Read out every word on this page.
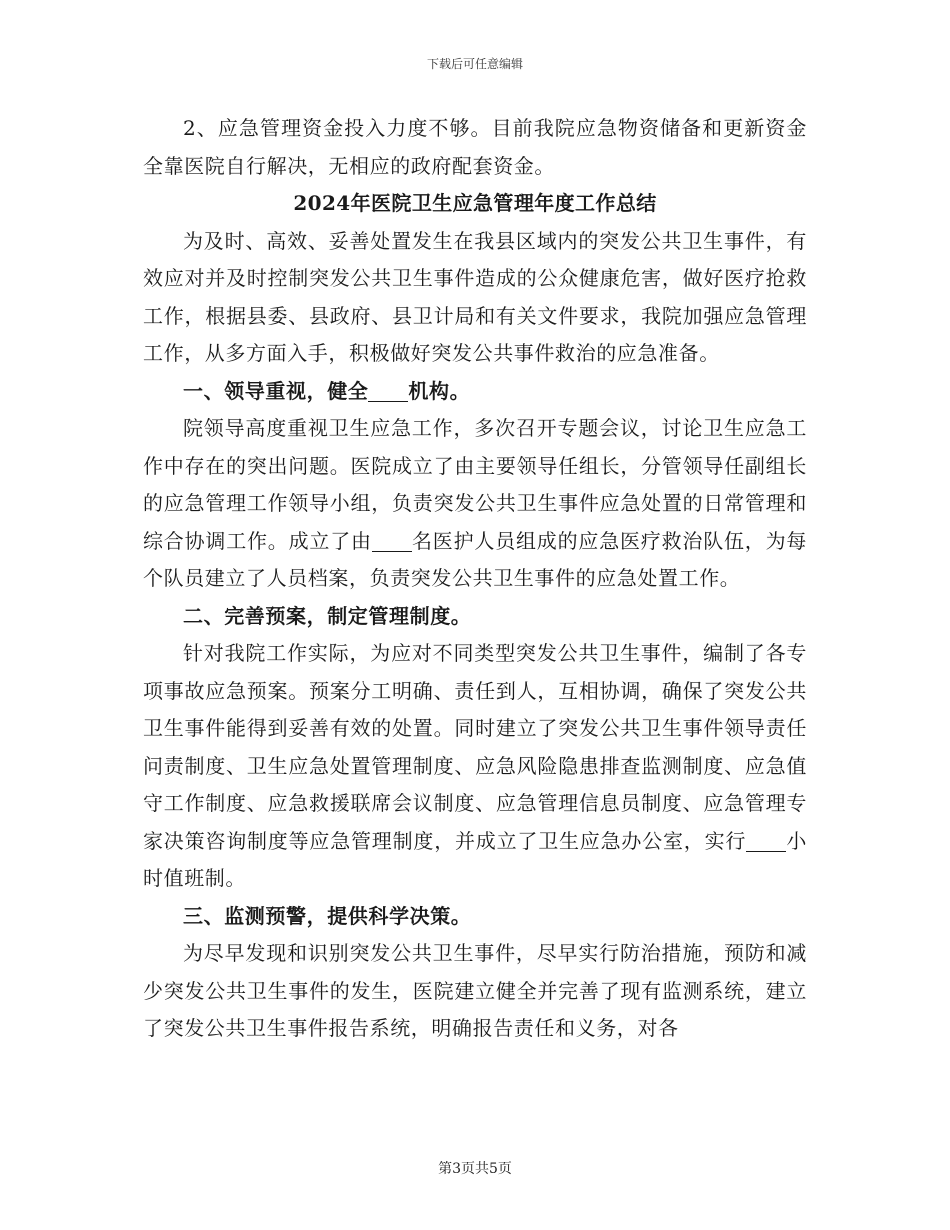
下载后可任意编辑

2、应急管理资金投入力度不够。目前我院应急物资储备和更新资金全靠医院自行解决，无相应的政府配套资金。

2024年医院卫生应急管理年度工作总结

为及时、高效、妥善处置发生在我县区域内的突发公共卫生事件，有效应对并及时控制突发公共卫生事件造成的公众健康危害，做好医疗抢救工作，根据县委、县政府、县卫计局和有关文件要求，我院加强应急管理工作，从多方面入手，积极做好突发公共事件救治的应急准备。

一、领导重视，健全 机构。

院领导高度重视卫生应急工作，多次召开专题会议，讨论卫生应急工作中存在的突出问题。医院成立了由主要领导任组长，分管领导任副组长的应急管理工作领导小组，负责突发公共卫生事件应急处置的日常管理和综合协调工作。成立了由 名医护人员组成的应急医疗救治队伍，为每个队员建立了人员档案，负责突发公共卫生事件的应急处置工作。

二、完善预案，制定管理制度。

针对我院工作实际，为应对不同类型突发公共卫生事件，编制了各专项事故应急预案。预案分工明确、责任到人，互相协调，确保了突发公共卫生事件能得到妥善有效的处置。同时建立了突发公共卫生事件领导责任问责制度、卫生应急处置管理制度、应急风险隐患排查监测制度、应急值守工作制度、应急救援联席会议制度、应急管理信息员制度、应急管理专家决策咨询制度等应急管理制度，并成立了卫生应急办公室，实行 小时值班制。

三、监测预警，提供科学决策。

为尽早发现和识别突发公共卫生事件，尽早实行防治措施，预防和减少突发公共卫生事件的发生，医院建立健全并完善了现有监测系统，建立了突发公共卫生事件报告系统，明确报告责任和义务，对各

第3页共5页
